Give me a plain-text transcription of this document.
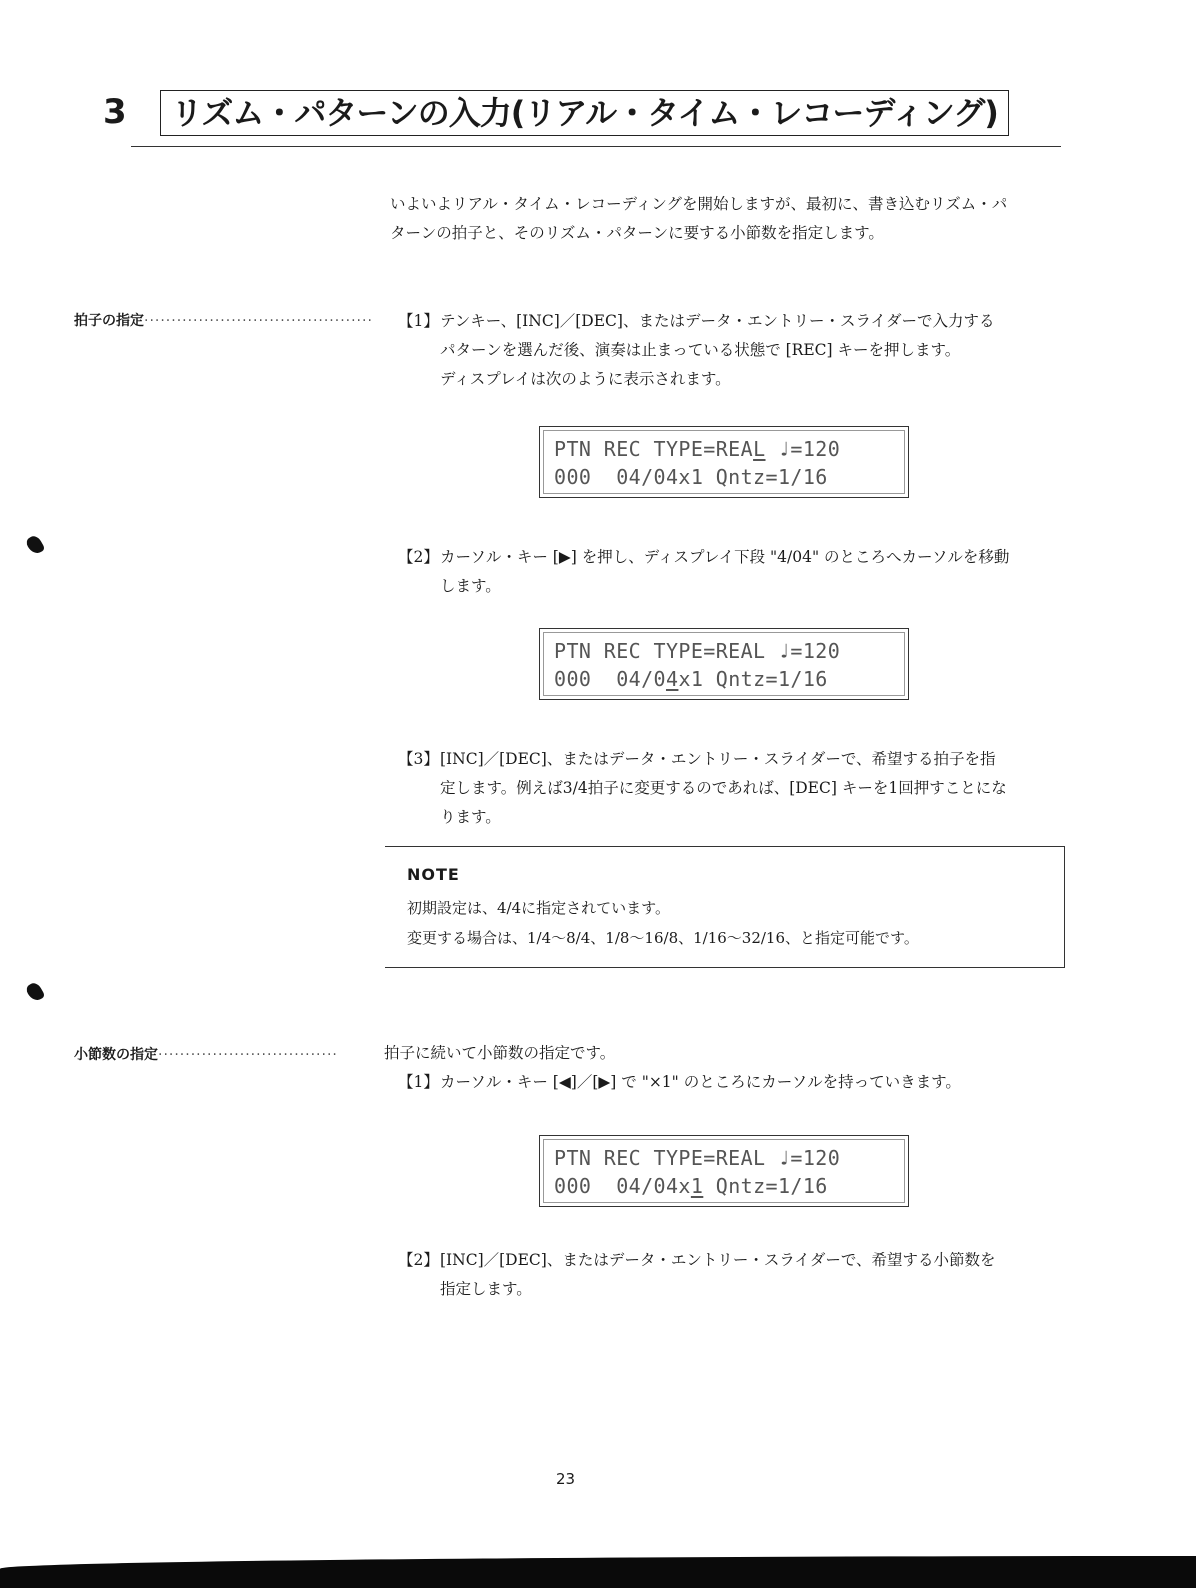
3	リズム・パターンの入力(リアル・タイム・レコーディング)
いよいよリアル・タイム・レコーディングを開始しますが、最初に、書き込むリズム・パ
ターンの拍子と、そのリズム・パターンに要する小節数を指定します。
拍子の指定·········································· 【1】テンキー、[INC]／[DEC]、またはデータ・エントリー・スライダーで入力する
パターンを選んだ後、演奏は止まっている状態で [REC] キーを押します。
ディスプレイは次のように表示されます。
PTN REC TYPE=REAL ♩=120
000  04/04x1 Qntz=1/16
【2】カーソル・キー [▶] を押し、ディスプレイ下段 "4/04" のところへカーソルを移動
します。
PTN REC TYPE=REAL ♩=120
000  04/04x1 Qntz=1/16
【3】[INC]／[DEC]、またはデータ・エントリー・スライダーで、希望する拍子を指
定します。例えば3/4拍子に変更するのであれば、[DEC] キーを1回押すことにな
ります。
NOTE
初期設定は、4/4に指定されています。
変更する場合は、1/4〜8/4、1/8〜16/8、1/16〜32/16、と指定可能です。
小節数の指定·································	拍子に続いて小節数の指定です。
【1】カーソル・キー [◀]／[▶] で "×1" のところにカーソルを持っていきます。
PTN REC TYPE=REAL ♩=120
000  04/04x1 Qntz=1/16
【2】[INC]／[DEC]、またはデータ・エントリー・スライダーで、希望する小節数を
指定します。
23
